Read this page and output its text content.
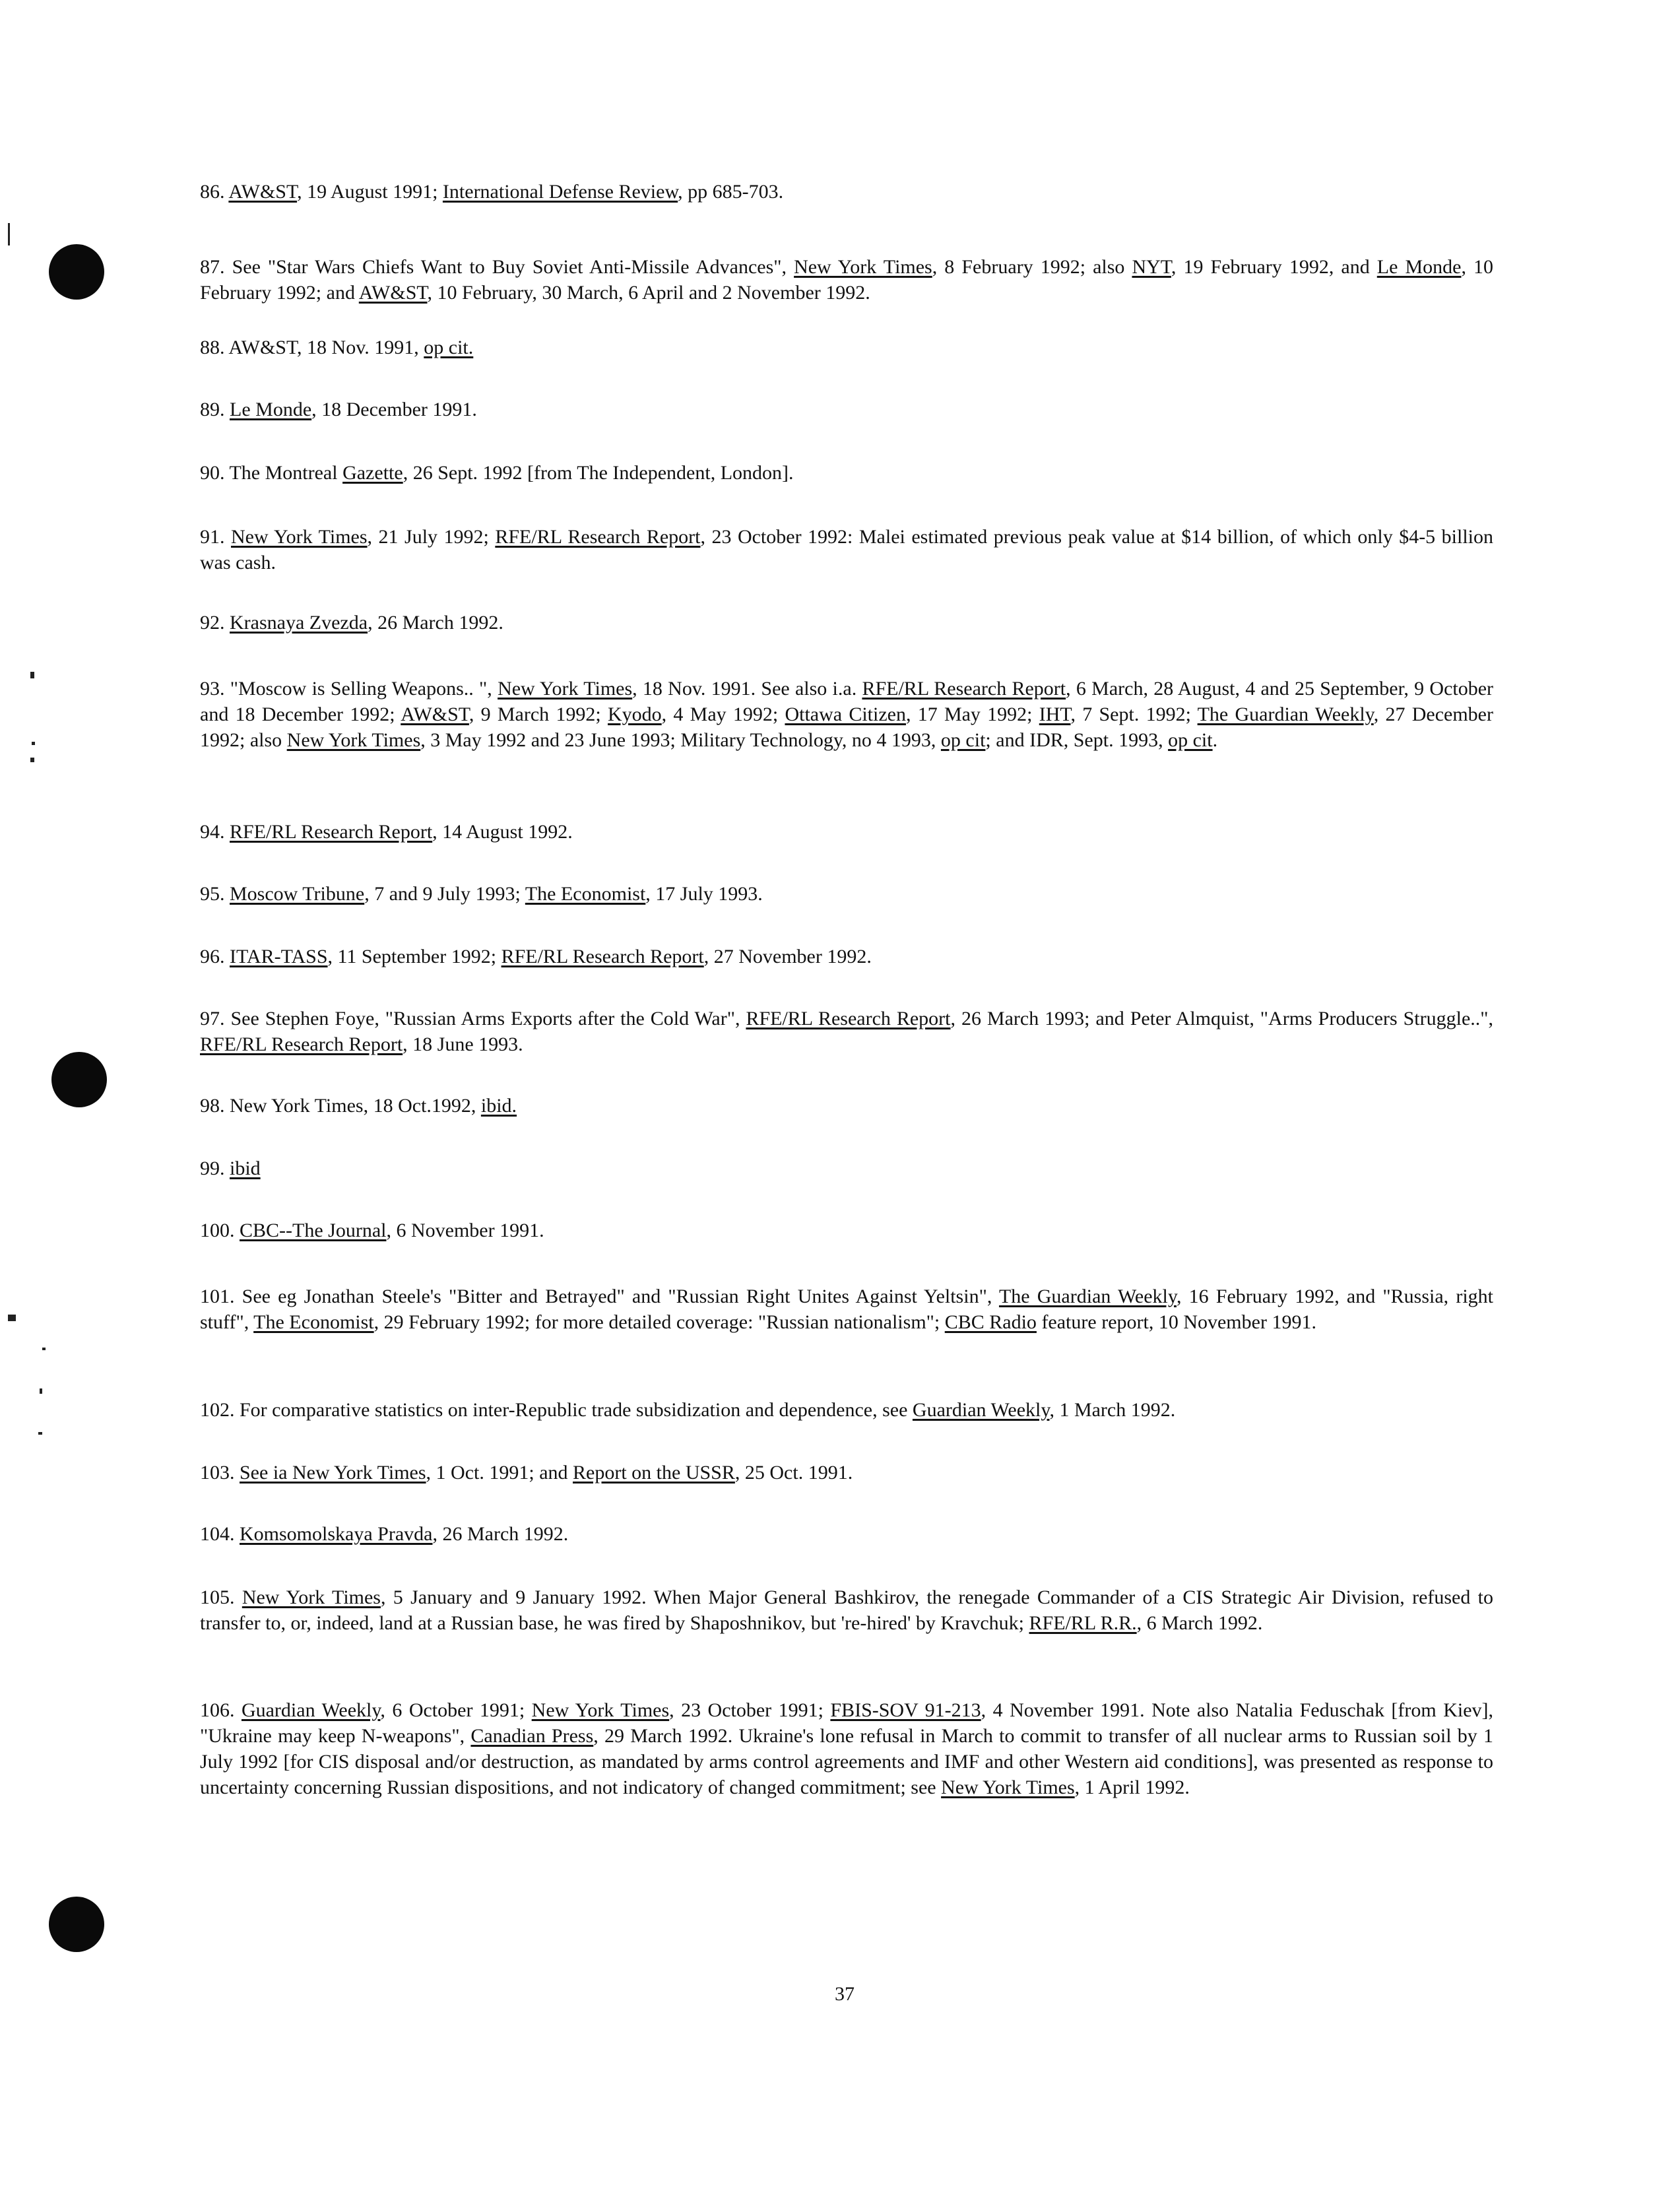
86. AW&ST, 19 August 1991; International Defense Review, pp 685-703.
87. See "Star Wars Chiefs Want to Buy Soviet Anti-Missile Advances", New York Times, 8 February 1992; also NYT, 19 February 1992, and Le Monde, 10 February 1992; and AW&ST, 10 February, 30 March, 6 April and 2 November 1992.
88. AW&ST, 18 Nov. 1991, op cit.
89. Le Monde, 18 December 1991.
90. The Montreal Gazette, 26 Sept. 1992 [from The Independent, London].
91. New York Times, 21 July 1992; RFE/RL Research Report, 23 October 1992: Malei estimated previous peak value at $14 billion, of which only $4-5 billion was cash.
92. Krasnaya Zvezda, 26 March 1992.
93. "Moscow is Selling Weapons.. ", New York Times, 18 Nov. 1991. See also i.a. RFE/RL Research Report, 6 March, 28 August, 4 and 25 September, 9 October and 18 December 1992; AW&ST, 9 March 1992; Kyodo, 4 May 1992; Ottawa Citizen, 17 May 1992; IHT, 7 Sept. 1992; The Guardian Weekly, 27 December 1992; also New York Times, 3 May 1992 and 23 June 1993; Military Technology, no 4 1993, op cit; and IDR, Sept. 1993, op cit.
94. RFE/RL Research Report, 14 August 1992.
95. Moscow Tribune, 7 and 9 July 1993; The Economist, 17 July 1993.
96. ITAR-TASS, 11 September 1992; RFE/RL Research Report, 27 November 1992.
97. See Stephen Foye, "Russian Arms Exports after the Cold War", RFE/RL Research Report, 26 March 1993; and Peter Almquist, "Arms Producers Struggle..", RFE/RL Research Report, 18 June 1993.
98. New York Times, 18 Oct.1992, ibid.
99. ibid
100. CBC--The Journal, 6 November 1991.
101. See eg Jonathan Steele's "Bitter and Betrayed" and "Russian Right Unites Against Yeltsin", The Guardian Weekly, 16 February 1992, and "Russia, right stuff", The Economist, 29 February 1992; for more detailed coverage: "Russian nationalism"; CBC Radio feature report, 10 November 1991.
102. For comparative statistics on inter-Republic trade subsidization and dependence, see Guardian Weekly, 1 March 1992.
103. See ia New York Times, 1 Oct. 1991; and Report on the USSR, 25 Oct. 1991.
104. Komsomolskaya Pravda, 26 March 1992.
105. New York Times, 5 January and 9 January 1992. When Major General Bashkirov, the renegade Commander of a CIS Strategic Air Division, refused to transfer to, or, indeed, land at a Russian base, he was fired by Shaposhnikov, but 're-hired' by Kravchuk; RFE/RL R.R., 6 March 1992.
106. Guardian Weekly, 6 October 1991; New York Times, 23 October 1991; FBIS-SOV 91-213, 4 November 1991. Note also Natalia Feduschak [from Kiev], "Ukraine may keep N-weapons", Canadian Press, 29 March 1992. Ukraine's lone refusal in March to commit to transfer of all nuclear arms to Russian soil by 1 July 1992 [for CIS disposal and/or destruction, as mandated by arms control agreements and IMF and other Western aid conditions], was presented as response to uncertainty concerning Russian dispositions, and not indicatory of changed commitment; see New York Times, 1 April 1992.
37
